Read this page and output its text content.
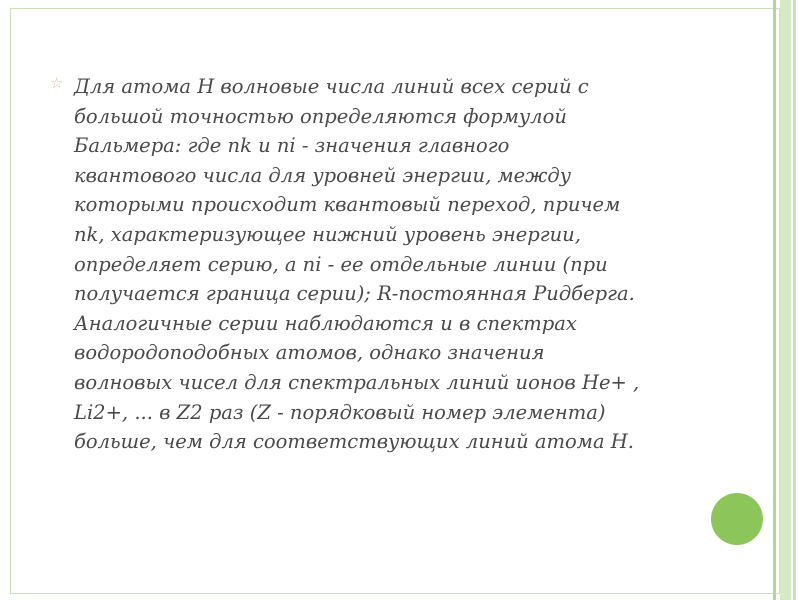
☆ Для атома H волновые числа линий всех серий с
большой точностью определяются формулой
Бальмера: где nk и ni - значения главного
квантового числа для уровней энергии, между
которыми происходит квантовый переход, причем
nk, характеризующее нижний уровень энергии,
определяет серию, а ni - ее отдельные линии (при
получается граница серии); R-постоянная Ридберга.
Аналогичные серии наблюдаются и в спектрах
водородоподобных атомов, однако значения
волновых чисел для спектральных линий ионов He+ ,
Li2+, ... в Z2 раз (Z - порядковый номер элемента)
больше, чем для соответствующих линий атома H.
